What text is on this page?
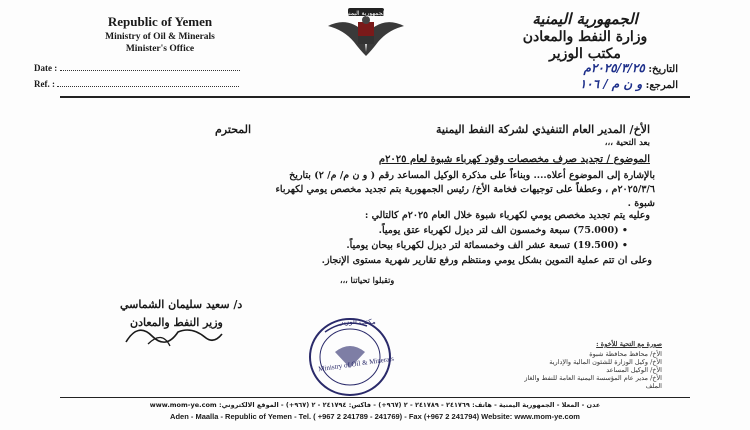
Republic of Yemen
Ministry of Oil & Minerals
Minister's Office
الجمهورية اليمنية	الجمهورية اليمنية
وزارة النفط والمعادن
مكتب الوزير
Date :
Ref. :
التاريخ: ٢٠٢٥/٣/٢٥م
المرجع: و ن م / ١٠٦
الأخ/ المدير العام التنفيذي لشركة النفط اليمنية
المحترم
بعد التحية ،،،
الموضوع / تجديد صرف مخصصات وقود كهرباء شبوة لعام ٢٠٢٥م
بالإشارة إلى الموضوع أعلاه.... وبناءاً على مذكرة الوكيل المساعد رقم ( و ن م/ م/ ٢) بتاريخ
٢٠٢٥/٣/٦م ، وعطفاً على توجيهات فخامة الأخ/ رئيس الجمهورية بتم تجديد مخصص يومي لكهرباء
شبوة .
وعليه يتم تجديد مخصص يومي لكهرباء شبوة خلال العام ٢٠٢٥م كالتالي :
• (75.000) سبعة وخمسون الف لتر ديزل لكهرباء عتق يومياً.
• (19.500) تسعة عشر الف وخمسمائة لتر ديزل لكهرباء بيحان يومياً.
وعلى ان تتم عملية التموين بشكل يومي ومنتظم ورفع تقارير شهرية مستوى الإنجاز.
وتقبلوا تحياتنا ،،،
د/ سعيد سليمان الشماسي
وزير النفط والمعادن
Ministry of Oil & Minerals
مكتب الوزير
صورة مع التحية للأخوة :
الأخ/ محافظ محافظة شبوة
الأخ/ وكيل الوزارة للشئون المالية والإدارية
الأخ/ الوكيل المساعد
الأخ/ مدير عام المؤسسة اليمنية العامة للنفط والغاز
الملف
عدن - المعلا - الجمهورية اليمنية - هاتف: ٢٤١٧٦٩ - ٢٤١٧٨٩ - ٢ (٩٦٧+) - فاكس: ٢٤١٧٩٤ - ٢ (٩٦٧+) - الموقع الالكتروني: www.mom-ye.com
Aden - Maalla - Republic of Yemen - Tel. ( +967 2 241789 - 241769) - Fax (+967 2 241794) Website: www.mom-ye.com
